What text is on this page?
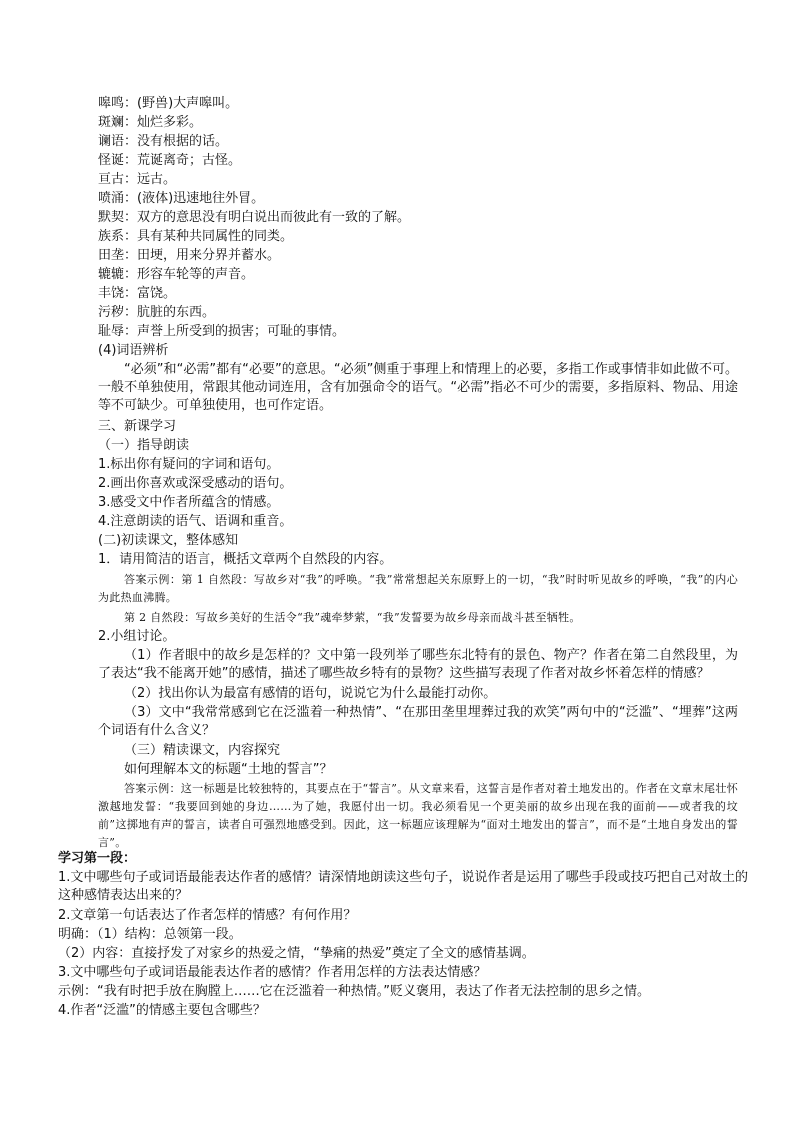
嗥鸣：(野兽)大声嗥叫。
斑斓：灿烂多彩。
谰语：没有根据的话。
怪诞：荒诞离奇；古怪。
亘古：远古。
喷涌：(液体)迅速地往外冒。
默契：双方的意思没有明白说出而彼此有一致的了解。
族系：具有某种共同属性的同类。
田垄：田埂，用来分界并蓄水。
辘辘：形容车轮等的声音。
丰饶：富饶。
污秽：肮脏的东西。
耻辱：声誉上所受到的损害；可耻的事情。
(4)词语辨析
“必须”和“必需”都有“必要”的意思。“必须”侧重于事理上和情理上的必要，多指工作或事情非如此做不可。一般不单独使用，常跟其他动词连用，含有加强命令的语气。“必需”指必不可少的需要，多指原料、物品、用途等不可缺少。可单独使用，也可作定语。
三、新课学习
（一）指导朗读
1.标出你有疑问的字词和语句。
2.画出你喜欢或深受感动的语句。
3.感受文中作者所蕴含的情感。
4.注意朗读的语气、语调和重音。
(二)初读课文，整体感知
1．请用简洁的语言，概括文章两个自然段的内容。
答案示例：第 1 自然段：写故乡对“我”的呼唤。“我”常常想起关东原野上的一切，“我”时时听见故乡的呼唤，“我”的内心为此热血沸腾。
第 2 自然段：写故乡美好的生活令“我”魂牵梦萦，“我”发誓要为故乡母亲而战斗甚至牺牲。
2.小组讨论。
（1）作者眼中的故乡是怎样的？文中第一段列举了哪些东北特有的景色、物产？作者在第二自然段里，为了表达“我不能离开她”的感情，描述了哪些故乡特有的景物？这些描写表现了作者对故乡怀着怎样的情感？
（2）找出你认为最富有感情的语句，说说它为什么最能打动你。
（3）文中“我常常感到它在泛滥着一种热情”、“在那田垄里埋葬过我的欢笑”两句中的“泛滥”、“埋葬”这两个词语有什么含义？
（三）精读课文，内容探究
如何理解本文的标题“土地的誓言”？
答案示例：这一标题是比较独特的，其要点在于“誓言”。从文章来看，这誓言是作者对着土地发出的。作者在文章末尾壮怀激越地发誓：“我要回到她的身边……为了她，我愿付出一切。我必须看见一个更美丽的故乡出现在我的面前——或者我的坟前”这掷地有声的誓言，读者自可强烈地感受到。因此，这一标题应该理解为“面对土地发出的誓言”，而不是“土地自身发出的誓言”。
学习第一段：
1.文中哪些句子或词语最能表达作者的感情？请深情地朗读这些句子，说说作者是运用了哪些手段或技巧把自己对故土的这种感情表达出来的？
2.文章第一句话表达了作者怎样的情感？有何作用？
明确：（1）结构：总领第一段。
（2）内容：直接抒发了对家乡的热爱之情，“挚痛的热爱”奠定了全文的感情基调。
3.文中哪些句子或词语最能表达作者的感情？作者用怎样的方法表达情感？
示例：“我有时把手放在胸膛上……它在泛滥着一种热情。”贬义褒用，表达了作者无法控制的思乡之情。
4.作者“泛滥”的情感主要包含哪些？
